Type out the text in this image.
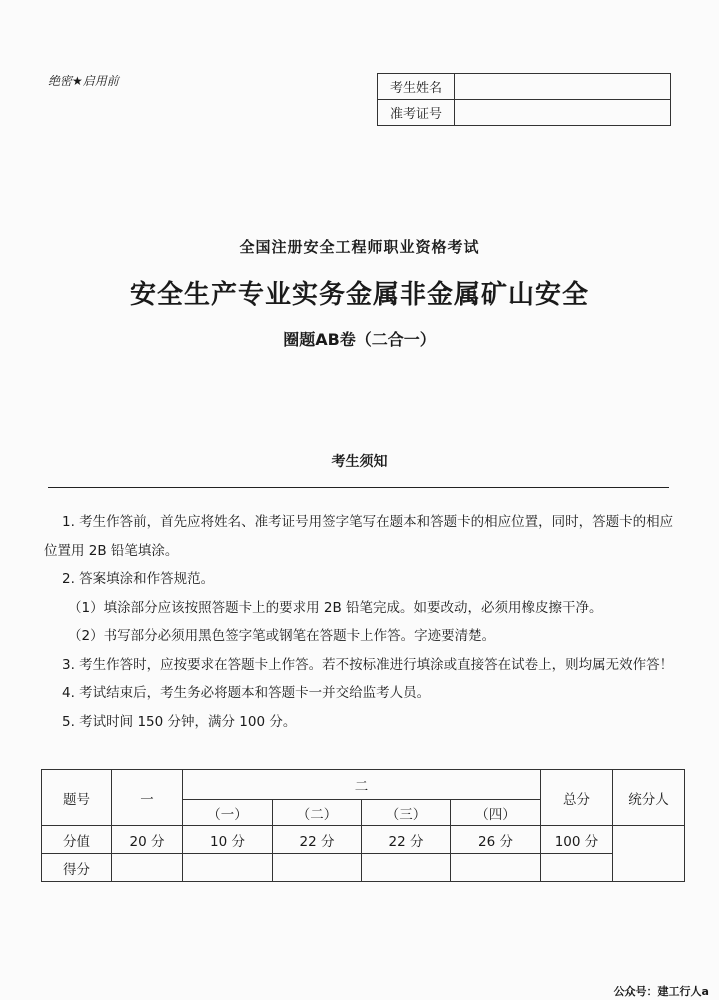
绝密★启用前	考生姓名	
准考证号	
全国注册安全工程师职业资格考试
安全生产专业实务金属非金属矿山安全
圈题AB卷（二合一）
考生须知

1. 考生作答前，首先应将姓名、准考证号用签字笔写在题本和答题卡的相应位置，同时，答题卡的相应位置用 2B 铅笔填涂。

2. 答案填涂和作答规范。

（1）填涂部分应该按照答题卡上的要求用 2B 铅笔完成。如要改动，必须用橡皮擦干净。

（2）书写部分必须用黑色签字笔或钢笔在答题卡上作答。字迹要清楚。

3. 考生作答时，应按要求在答题卡上作答。若不按标准进行填涂或直接答在试卷上，则均属无效作答！

4. 考试结束后，考生务必将题本和答题卡一并交给监考人员。

5. 考试时间 150 分钟，满分 100 分。

题号	一	二				总分	统分人
		（一）	（二）	（三）	（四）		
分值	20 分	10 分	22 分	22 分	26 分	100 分	
得分							
公众号：建工行人a
